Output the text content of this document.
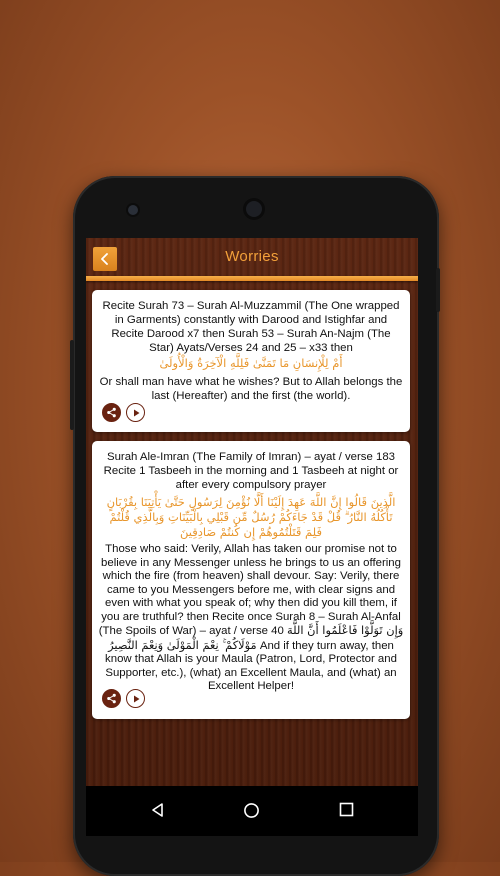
Worries

Recite Surah 73 – Surah Al-Muzzammil (The One wrapped in Garments) constantly with Darood and Istighfar and Recite Darood x7 then Surah 53 – Surah An-Najm (The Star) Ayats/Verses 24 and 25 – x33 then

أَمْ لِلْإِنسَانِ مَا تَمَنَّىٰ فَلِلَّهِ الْآخِرَةُ وَالْأُولَىٰ

Or shall man have what he wishes? But to Allah belongs the last (Hereafter) and the first (the world).

Surah Ale-Imran (The Family of Imran) – ayat / verse 183 Recite 1 Tasbeeh in the morning and 1 Tasbeeh at night or after every compulsory prayer

الَّذِينَ قَالُوا إِنَّ اللَّهَ عَهِدَ إِلَيْنَا أَلَّا نُؤْمِنَ لِرَسُولٍ حَتَّىٰ يَأْتِيَنَا بِقُرْبَانٍ تَأْكُلُهُ النَّارُ ۗ قُلْ قَدْ جَاءَكُمْ رُسُلٌ مِّن قَبْلِي بِالْبَيِّنَاتِ وَبِالَّذِي قُلْتُمْ فَلِمَ قَتَلْتُمُوهُمْ إِن كُنتُمْ صَادِقِينَ

Those who said: Verily, Allah has taken our promise not to believe in any Messenger unless he brings to us an offering which the fire (from heaven) shall devour. Say: Verily, there came to you Messengers before me, with clear signs and even with what you speak of; why then did you kill them, if you are truthful? then Recite once Surah 8 – Surah Al-Anfal (The Spoils of War) – ayat / verse 40 وَإِن تَوَلَّوْا فَاعْلَمُوا أَنَّ اللَّهَ مَوْلَاكُمْ ۚ نِعْمَ الْمَوْلَىٰ وَنِعْمَ النَّصِيرُ And if they turn away, then know that Allah is your Maula (Patron, Lord, Protector and Supporter, etc.), (what) an Excellent Maula, and (what) an Excellent Helper!
